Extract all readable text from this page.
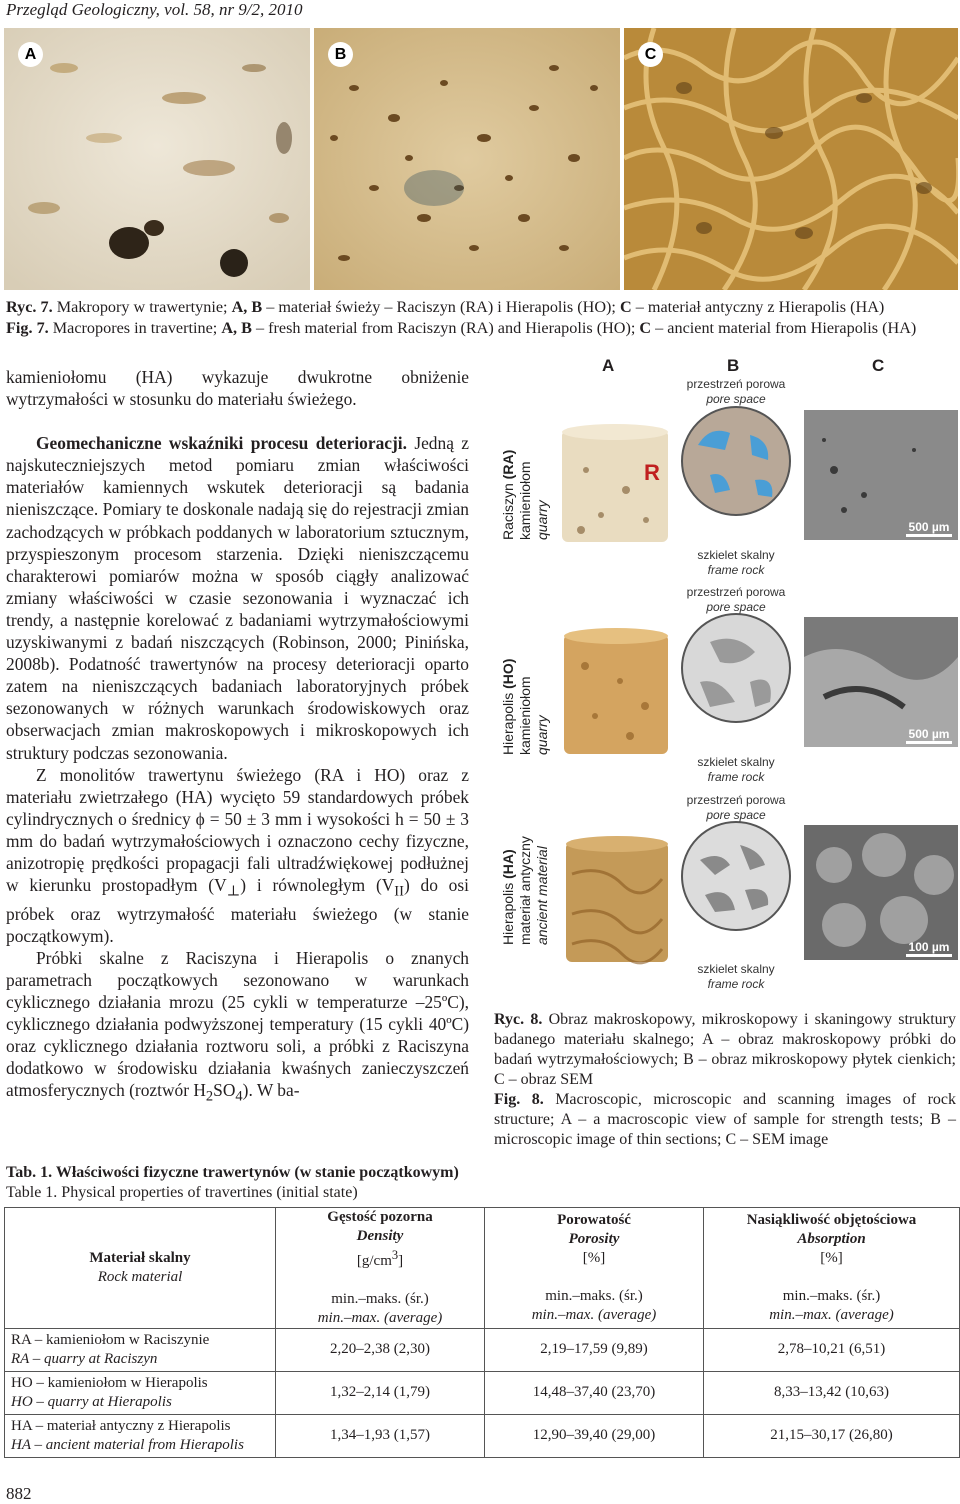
Przegląd Geologiczny, vol. 58, nr 9/2, 2010
A	B	C
Ryc. 7. Makropory w trawertynie; A, B – materiał świeży – Raciszyn (RA) i Hierapolis (HO); C – materiał antyczny z Hierapolis (HA)
Fig. 7. Macropores in travertine; A, B – fresh material from Raciszyn (RA) and Hierapolis (HO); C – ancient material from Hierapolis (HA)

kamieniołomu (HA) wykazuje dwukrotne obniżenie wytrzymałości w stosunku do materiału świeżego.

Geomechaniczne wskaźniki procesu deterioracji. Jedną z najskuteczniejszych metod pomiaru zmian właściwości materiałów kamiennych wskutek deterioracji są badania nieniszczące. Pomiary te doskonale nadają się do rejestracji zmian zachodzących w próbkach poddanych w laboratorium sztucznym, przyspieszonym procesom starzenia. Dzięki nieniszczącemu charakterowi pomiarów można w sposób ciągły analizować zmiany właściwości w czasie sezonowania i wyznaczać ich trendy, a następnie korelować z badaniami wytrzymałościowymi uzyskiwanymi z badań niszczących (Robinson, 2000; Pinińska, 2008b). Podatność trawertynów na procesy deterioracji oparto zatem na nieniszczących badaniach laboratoryjnych próbek sezonowanych w różnych warunkach środowiskowych oraz obserwacjach zmian makroskopowych i mikroskopowych ich struktury podczas sezonowania.

Z monolitów trawertynu świeżego (RA i HO) oraz z materiału zwietrzałego (HA) wycięto 59 standardowych próbek cylindrycznych o średnicy ϕ = 50 ± 3 mm i wysokości h = 50 ± 3 mm do badań wytrzymałościowych i oznaczono cechy fizyczne, anizotropię prędkości propagacji fali ultradźwiękowej podłużnej w kierunku prostopadłym $(V_\perp)$ i równoległym $(V_{II})$ do osi próbek oraz wytrzymałość materiału świeżego (w stanie początkowym).

Próbki skalne z Raciszyna i Hierapolis o znanych parametrach początkowych sezonowano w warunkach cyklicznego działania mrozu (25 cykli w temperaturze –25ºC), cyklicznego działania podwyższonej temperatury (15 cykli 40ºC) oraz cyklicznego działania roztworu soli, a próbki z Raciszyna dodatkowo w środowisku działania kwaśnych zanieczyszczeń atmosferycznych (roztwór $H_2SO_4$). W ba-

A	B	C
Raciszyn (RA) kamieniołom quarry
R
przestrzeń porowa
pore space
szkielet skalny
frame rock
500 µm
Hierapolis (HO)
kamieniołom quarry
przestrzeń porowa
pore space
szkielet skalny
frame rock
500 µm
Hierapolis (HA) materiał antyczny ancient material
przestrzeń porowa
pore space
szkielet skalny
frame rock
100 µm

Ryc. 8. Obraz makroskopowy, mikroskopowy i skaningowy struktury badanego materiału skalnego; A – obraz makroskopowy próbki do badań wytrzymałościowych; B – obraz mikroskopowy płytek cienkich; C – obraz SEM

Fig. 8. Macroscopic, microscopic and scanning images of rock structure; A – a macroscopic view of sample for strength tests; B – microscopic image of thin sections; C – SEM image

Tab. 1. Właściwości fizyczne trawertynów (w stanie początkowym)
Table 1. Physical properties of travertines (initial state)
Materiał skalny
Rock material	Gęstość pozorna
Density
$[g/cm^3]$

min.–maks. (śr.)
min.–max. (average)	Porowatość
Porosity
[%]

min.–maks. (śr.)
min.–max. (average)	Nasiąkliwość objętościowa
Absorption
[%]

min.–maks. (śr.)
min.–max. (average)

RA – kamieniołom w Raciszynie
RA – quarry at Raciszyn	2,20–2,38 (2,30)	2,19–17,59 (9,89)	2,78–10,21 (6,51)
HO – kamieniołom w Hierapolis
HO – quarry at Hierapolis	1,32–2,14 (1,79)	14,48–37,40 (23,70)	8,33–13,42 (10,63)
HA – materiał antyczny z Hierapolis
HA – ancient material from Hierapolis	1,34–1,93 (1,57)	12,90–39,40 (29,00)	21,15–30,17 (26,80)
882
